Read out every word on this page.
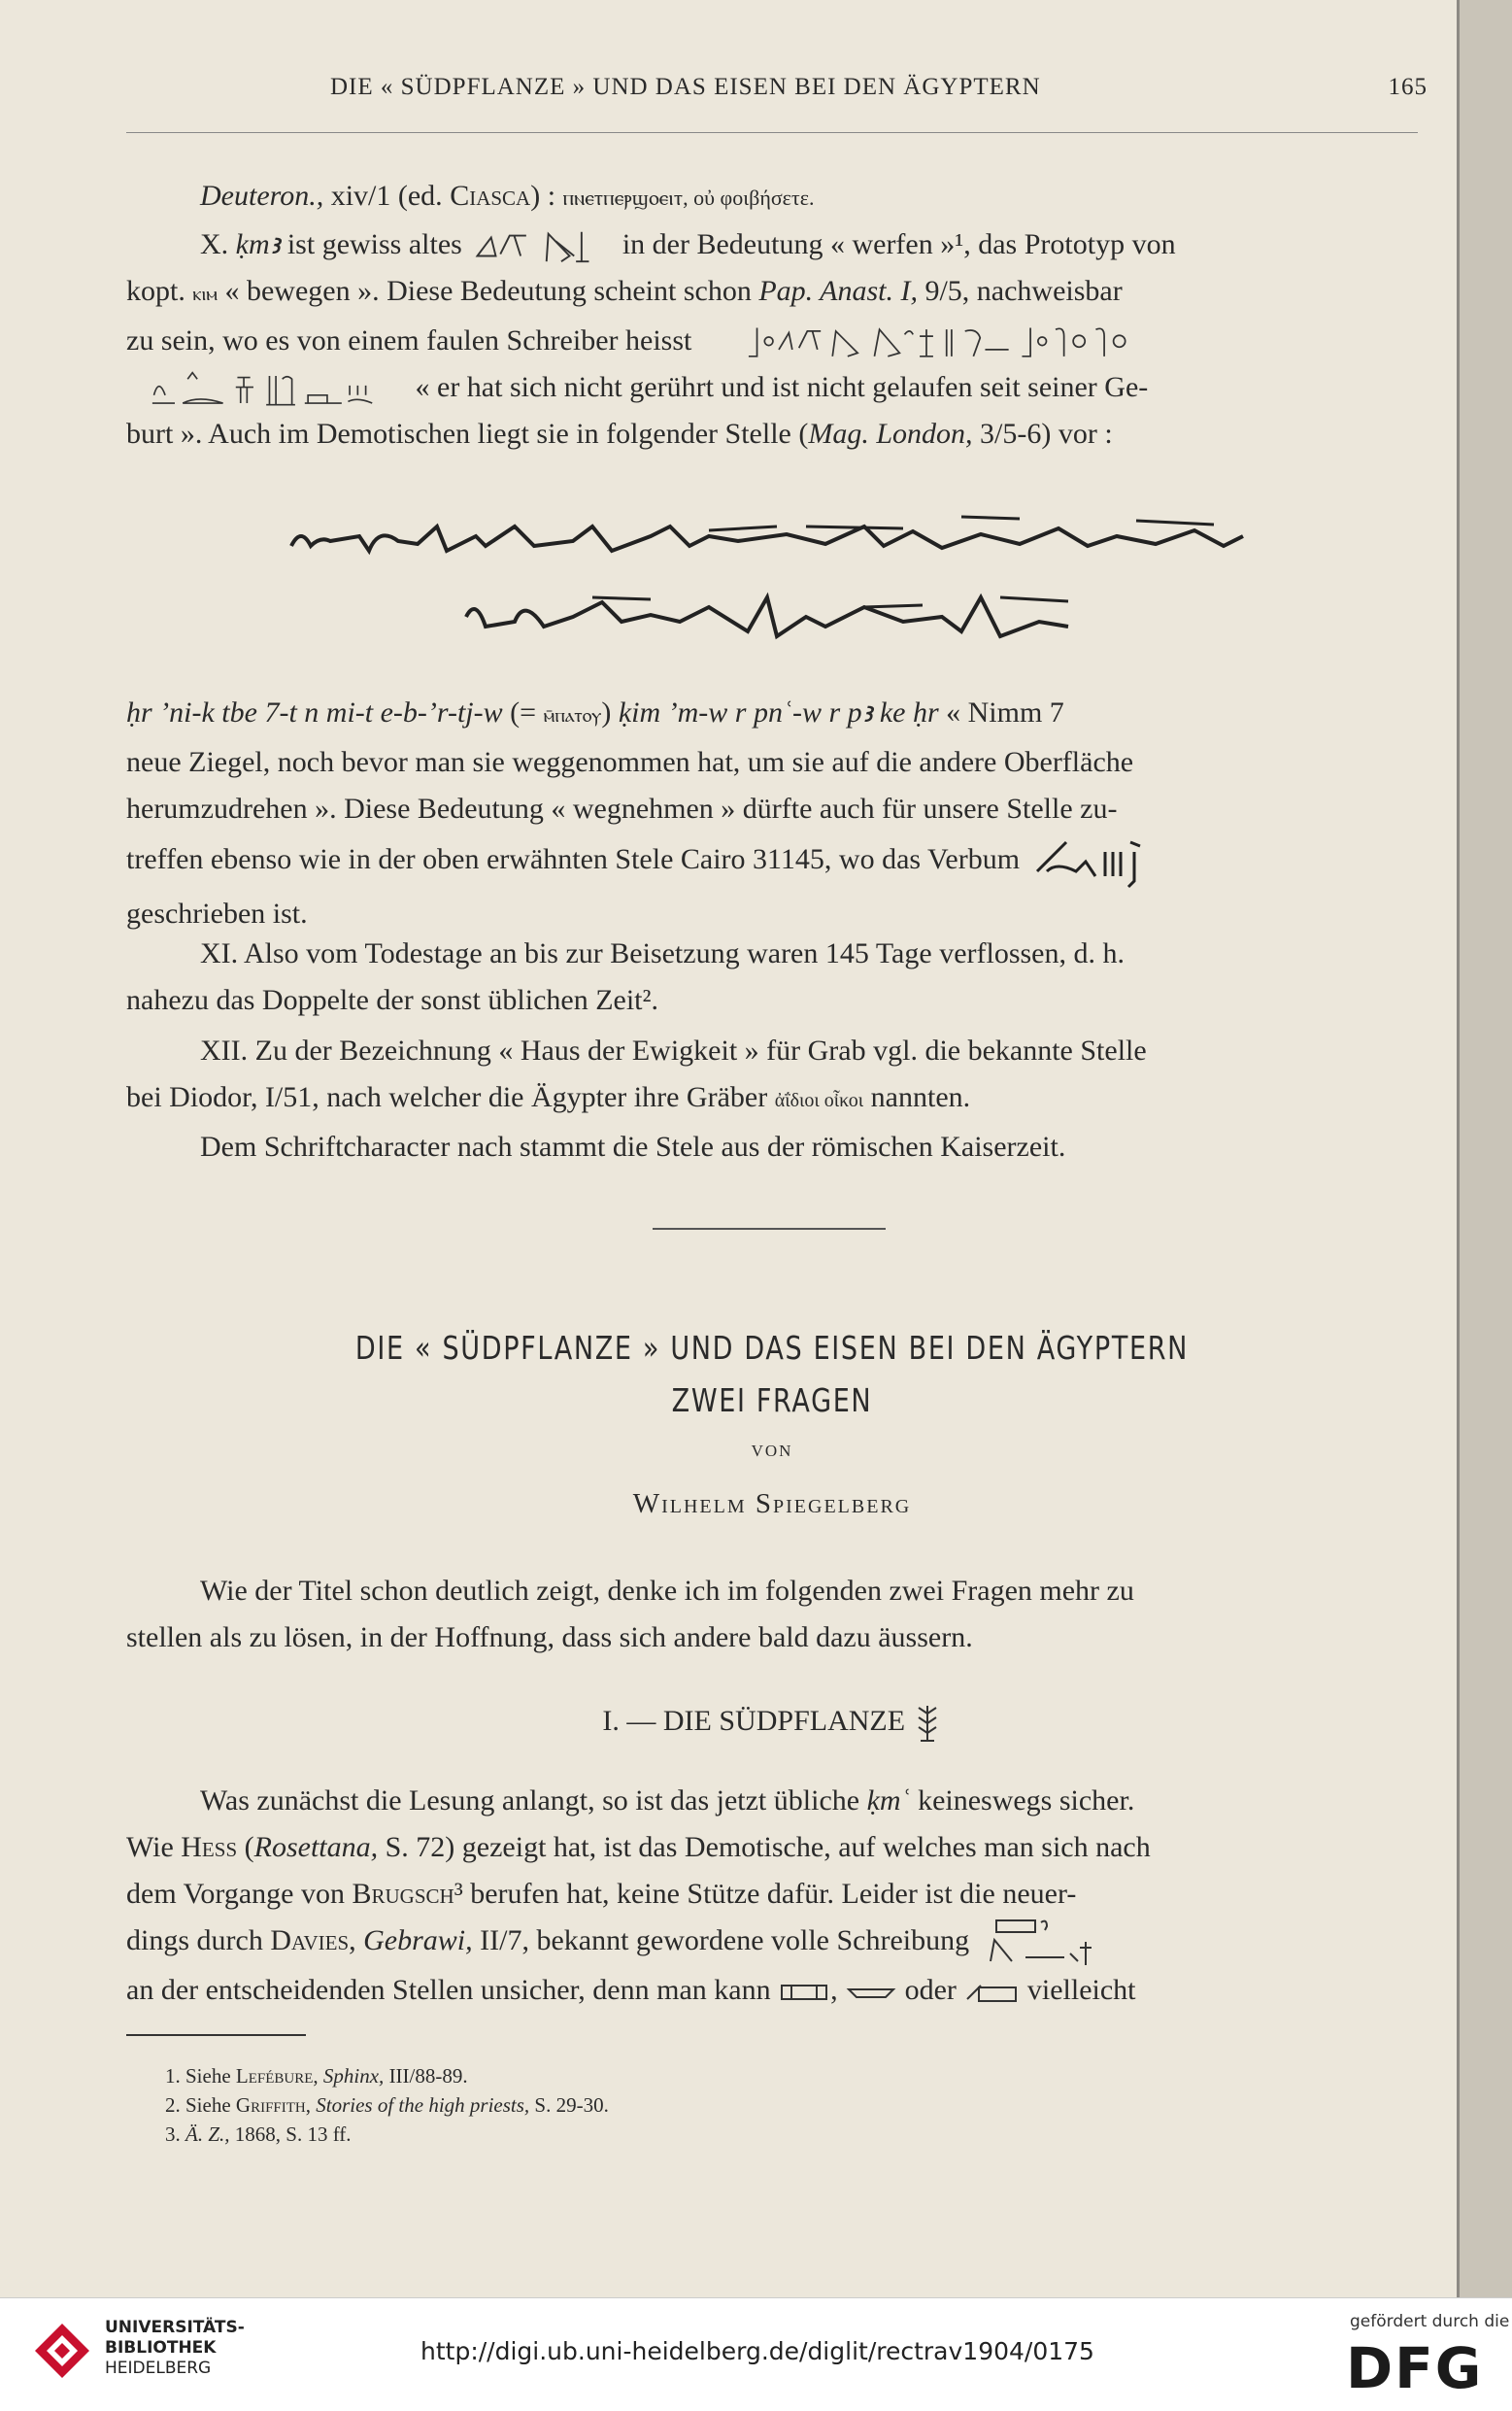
DIE « SÜDPFLANZE » UND DAS EISEN BEI DEN ÄGYPTERN	165

Deuteron., xiv/1 (ed. Ciasca) : ⲡⲛⲉⲧⲡⲉⲣϣⲟⲉⲓⲧ, οὐ φοιβήσετε.

X. ḳmꜣ ist gewiss altes	in der Bedeutung « werfen »¹, das Prototyp von

kopt. ⲕⲓⲙ « bewegen ». Diese Bedeutung scheint schon Pap. Anast. I, 9/5, nachweisbar

zu sein, wo es von einem faulen Schreiber heisst

« er hat sich nicht gerührt und ist nicht gelaufen seit seiner Ge-

burt ». Auch im Demotischen liegt sie in folgender Stelle (Mag. London, 3/5-6) vor :

ḥr ’ni-k tbe 7-t n mi-t e-b-’r-tj-w (= ⲙ̄ⲡⲁⲧⲟⲩ) ḳim ’m-w r pnʿ-w r pꜣ ke ḥr « Nimm 7

neue Ziegel, noch bevor man sie weggenommen hat, um sie auf die andere Oberfläche

herumzudrehen ». Diese Bedeutung « wegnehmen » dürfte auch für unsere Stelle zu-

treffen ebenso wie in der oben erwähnten Stele Cairo 31145, wo das Verbum

geschrieben ist.

XI. Also vom Todestage an bis zur Beisetzung waren 145 Tage verflossen, d. h.

nahezu das Doppelte der sonst üblichen Zeit².

XII. Zu der Bezeichnung « Haus der Ewigkeit » für Grab vgl. die bekannte Stelle

bei Diodor, I/51, nach welcher die Ägypter ihre Gräber ἀΐδιοι οἶκοι nannten.

Dem Schriftcharacter nach stammt die Stele aus der römischen Kaiserzeit.

DIE « SÜDPFLANZE » UND DAS EISEN BEI DEN ÄGYPTERN
ZWEI FRAGEN
VON
Wilhelm Spiegelberg

Wie der Titel schon deutlich zeigt, denke ich im folgenden zwei Fragen mehr zu

stellen als zu lösen, in der Hoffnung, dass sich andere bald dazu äussern.

I. — DIE SÜDPFLANZE

Was zunächst die Lesung anlangt, so ist das jetzt übliche ḳmʿ keineswegs sicher.

Wie Hess (Rosettana, S. 72) gezeigt hat, ist das Demotische, auf welches man sich nach

dem Vorgange von Brugsch³ berufen hat, keine Stütze dafür. Leider ist die neuer-

dings durch Davies, Gebrawi, II/7, bekannt gewordene volle Schreibung

an der entscheidenden Stellen unsicher, denn man kann ,  oder  vielleicht

1. Siehe Lefébure, Sphinx, III/88-89.
2. Siehe Griffith, Stories of the high priests, S. 29-30.
3. Ä. Z., 1868, S. 13 ff.
UNIVERSITÄTS-
BIBLIOTHEK
HEIDELBERG
http://digi.ub.uni-heidelberg.de/diglit/rectrav1904/0175
gefördert durch die
DFG
